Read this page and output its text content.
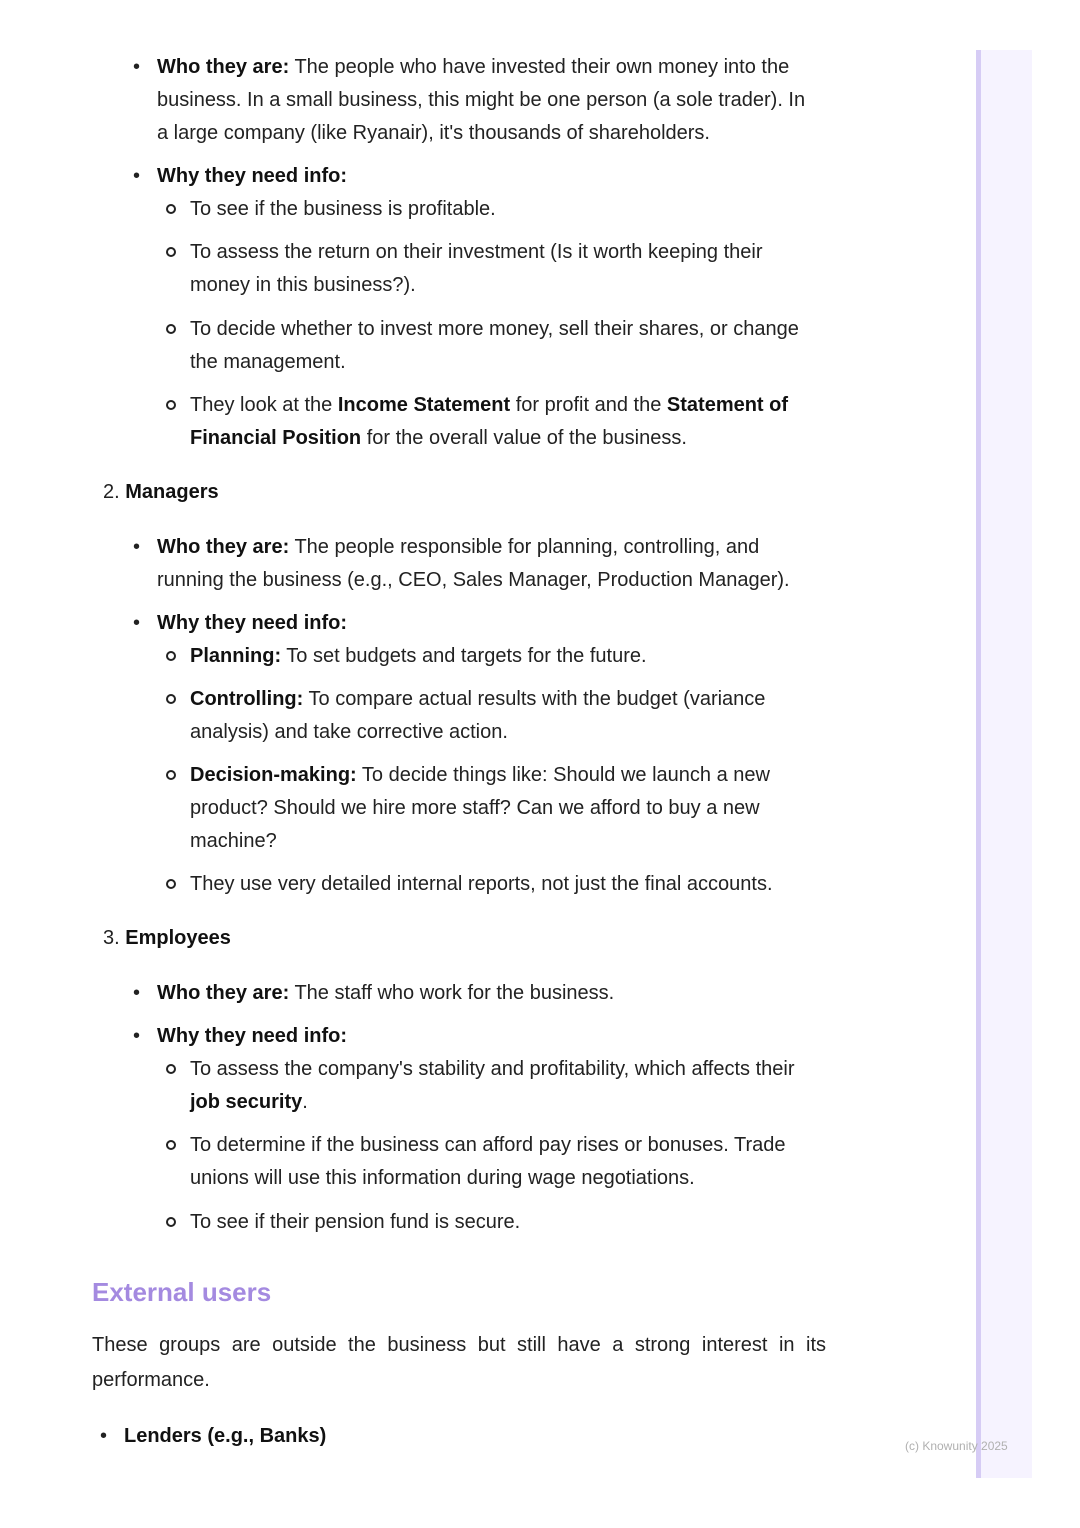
• Who they are: The people who have invested their own money into the

business. In a small business, this might be one person (a sole trader). In

a large company (like Ryanair), it's thousands of shareholders.

• Why they need info:

To see if the business is profitable.

To assess the return on their investment (Is it worth keeping their

money in this business?).

To decide whether to invest more money, sell their shares, or change

the management.

They look at the Income Statement for profit and the Statement of

Financial Position for the overall value of the business.

2. Managers

• Who they are: The people responsible for planning, controlling, and

running the business (e.g., CEO, Sales Manager, Production Manager).

• Why they need info:

Planning: To set budgets and targets for the future.

Controlling: To compare actual results with the budget (variance

analysis) and take corrective action.

Decision-making: To decide things like: Should we launch a new

product? Should we hire more staff? Can we afford to buy a new

machine?

They use very detailed internal reports, not just the final accounts.

3. Employees

• Who they are: The staff who work for the business.

• Why they need info:

To assess the company's stability and profitability, which affects their

job security.

To determine if the business can afford pay rises or bonuses. Trade

unions will use this information during wage negotiations.

To see if their pension fund is secure.

External users

These groups are outside the business but still have a strong interest in its

performance.

• Lenders (e.g., Banks)	(c) Knowunity 2025
